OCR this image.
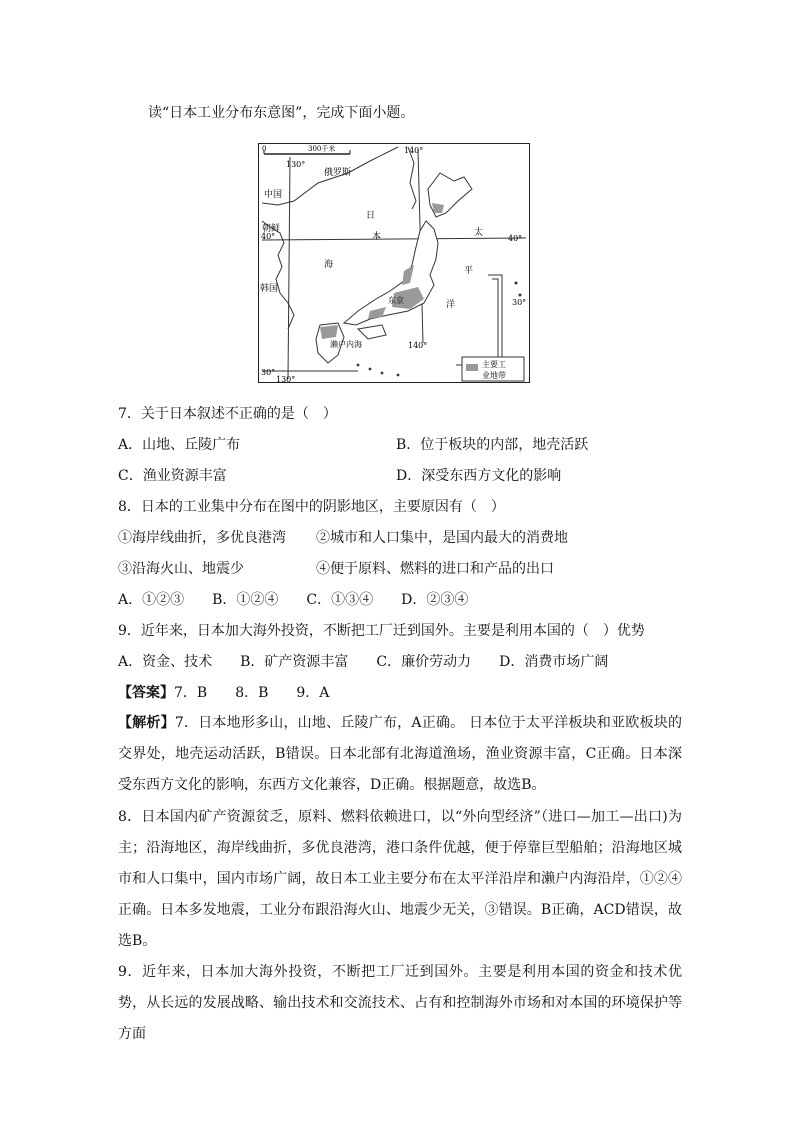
读“日本工业分布东意图”，完成下面小题。
0	300千米
130°
140°
130°
140°
40°	40°
30°
30°
俄罗斯
中国
朝鲜
韩国
日
本
海
太
平
洋
东京
濑户内海
主要工
业地带
7．关于日本叙述不正确的是（　）
A．山地、丘陵广布	B．位于板块的内部，地壳活跃
C．渔业资源丰富	D．深受东西方文化的影响
8．日本的工业集中分布在图中的阴影地区，主要原因有（　）
①海岸线曲折，多优良港湾 ②城市和人口集中，是国内最大的消费地
③沿海火山、地震少	④便于原料、燃料的进口和产品的出口
A．①②③　　B．①②④　　C．①③④　　D．②③④
9．近年来，日本加大海外投资，不断把工厂迁到国外。主要是利用本国的（　）优势
A．资金、技术　　B．矿产资源丰富　　C．廉价劳动力　　D．消费市场广阔
【答案】7．B　　8．B　　9．A
【解析】7．日本地形多山，山地、丘陵广布，A正确。 日本位于太平洋板块和亚欧板块的交界处，地壳运动活跃，B错误。日本北部有北海道渔场，渔业资源丰富，C正确。日本深受东西方文化的影响，东西方文化兼容，D正确。根据题意，故选B。
8．日本国内矿产资源贫乏，原料、燃料依赖进口，以“外向型经济”（进口—加工—出口)为主；沿海地区，海岸线曲折，多优良港湾，港口条件优越，便于停靠巨型船舶；沿海地区城市和人口集中，国内市场广阔，故日本工业主要分布在太平洋沿岸和濑户内海沿岸，①②④正确。日本多发地震，工业分布跟沿海火山、地震少无关，③错误。B正确，ACD错误，故选B。
9．近年来，日本加大海外投资，不断把工厂迁到国外。主要是利用本国的资金和技术优势，从长远的发展战略、输出技术和交流技术、占有和控制海外市场和对本国的环境保护等方面
